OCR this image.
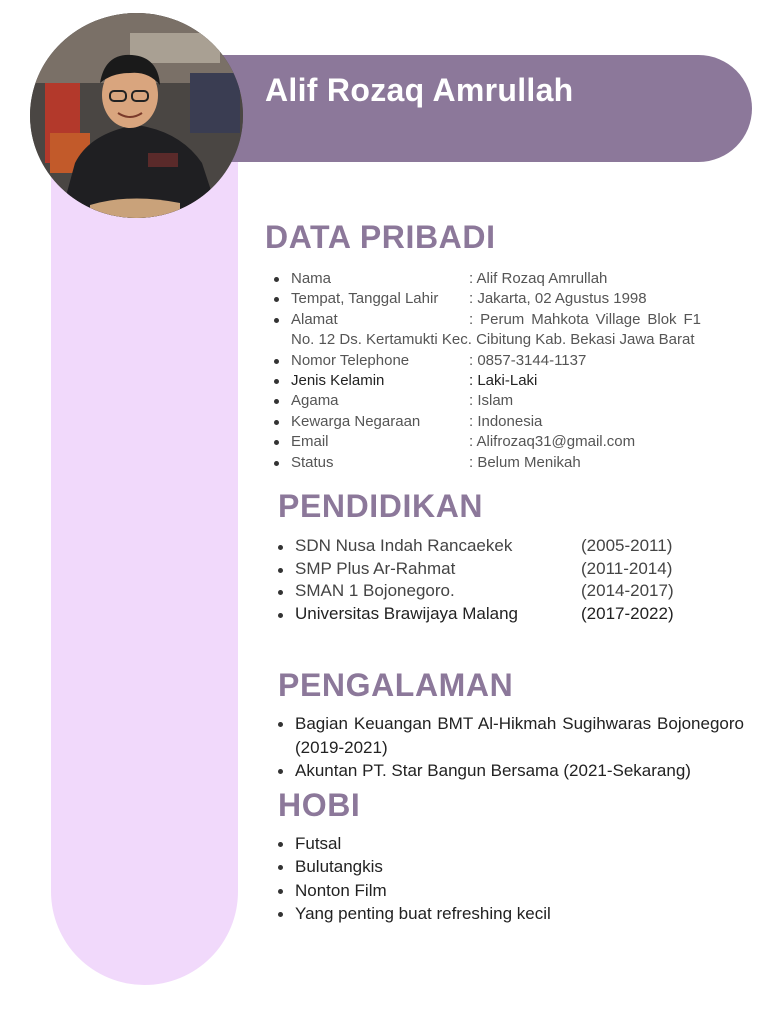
Alif Rozaq Amrullah
DATA PRIBADI
Nama	: Alif Rozaq Amrullah
Tempat, Tanggal Lahir : Jakarta, 02 Agustus 1998
Alamat	: Perum Mahkota Village Blok F1 No. 12 Ds. Kertamukti Kec. Cibitung Kab. Bekasi Jawa Barat
Nomor Telephone	: 0857-3144-1137
Jenis Kelamin	: Laki-Laki
Agama	: Islam
Kewarga Negaraan	: Indonesia
Email	: Alifrozaq31@gmail.com
Status	: Belum Menikah
PENDIDIKAN
SDN Nusa Indah Rancaekek	(2005-2011)
SMP Plus Ar-Rahmat	(2011-2014)
SMAN 1 Bojonegoro.	(2014-2017)
Universitas Brawijaya Malang	(2017-2022)
PENGALAMAN
Bagian Keuangan BMT Al-Hikmah Sugihwaras Bojonegoro (2019-2021)
Akuntan PT. Star Bangun Bersama (2021-Sekarang)
HOBI
Futsal
Bulutangkis
Nonton Film
Yang penting buat refreshing kecil
